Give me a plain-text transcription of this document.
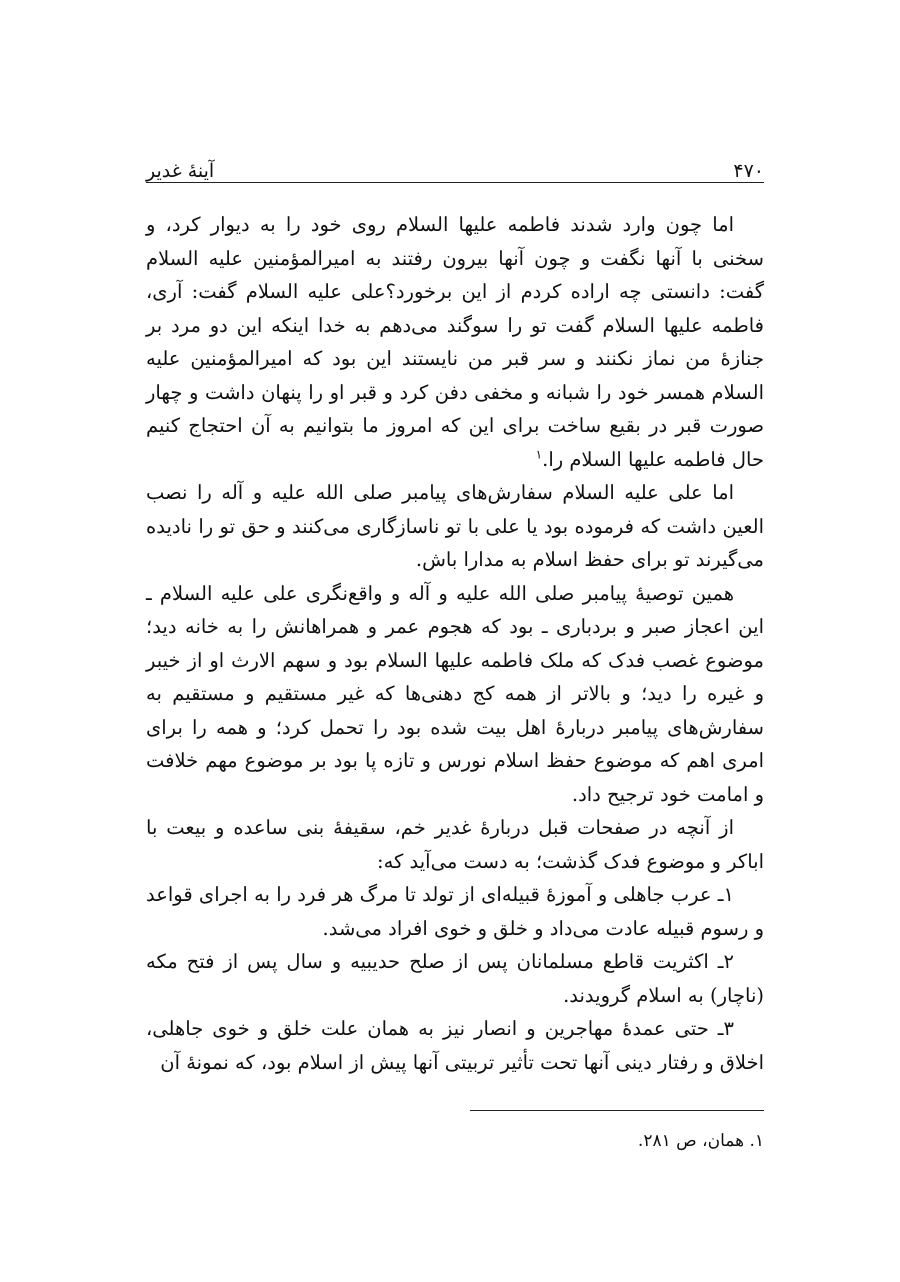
۴۷۰
آینهٔ غدیر

اما چون وارد شدند فاطمه علیها السلام روی خود را به دیوار کرد، و سخنی با آنها نگفت و چون آنها بیرون رفتند به امیرالمؤمنین علیه السلام گفت: دانستی چه اراده کردم از این برخورد؟علی علیه السلام گفت: آری، فاطمه علیها السلام گفت تو را سوگند می‌دهم به خدا اینکه این دو مرد بر جنازهٔ من نماز نکنند و سر قبر من نایستند این بود که امیرالمؤمنین علیه السلام همسر خود را شبانه و مخفی دفن کرد و قبر او را پنهان داشت و چهار صورت قبر در بقیع ساخت برای این که امروز ما بتوانیم به آن احتجاج کنیم حال فاطمه علیها السلام را.$^۱$

اما علی علیه السلام سفارش‌های پیامبر صلی الله علیه و آله را نصب العین داشت که فرموده بود یا علی با تو ناسازگاری می‌کنند و حق تو را نادیده می‌گیرند تو برای حفظ اسلام به مدارا باش.

همین توصیهٔ پیامبر صلی الله علیه و آله و واقع‌نگری علی علیه السلام ـ این اعجاز صبر و بردباری ـ بود که هجوم عمر و همراهانش را به خانه دید؛ موضوع غصب فدک که ملک فاطمه علیها السلام بود و سهم الارث او از خیبر و غیره را دید؛ و بالاتر از همه کج دهنی‌ها که غیر مستقیم و مستقیم به سفارش‌های پیامبر دربارهٔ اهل بیت شده بود را تحمل کرد؛ و همه را برای امری اهم که موضوع حفظ اسلام نورس و تازه پا بود بر موضوع مهم خلافت و امامت خود ترجیح داد.

از آنچه در صفحات قبل دربارهٔ غدیر خم، سقیفهٔ بنی ساعده و بیعت با اباکر و موضوع فدک گذشت؛ به دست می‌آید که:

۱ـ عرب جاهلی و آموزهٔ قبیله‌ای از تولد تا مرگ هر فرد را به اجرای قواعد و رسوم قبیله عادت می‌داد و خلق و خوی افراد می‌شد.

۲ـ اکثریت قاطع مسلمانان پس از صلح حدیبیه و سال پس از فتح مکه (ناچار) به اسلام گرویدند.

۳ـ حتی عمدهٔ مهاجرین و انصار نیز به همان علت خلق و خوی جاهلی، اخلاق و رفتار دینی آنها تحت تأثیر تربیتی آنها پیش از اسلام بود، که نمونهٔ آن

۱. همان، ص ۲۸۱.
